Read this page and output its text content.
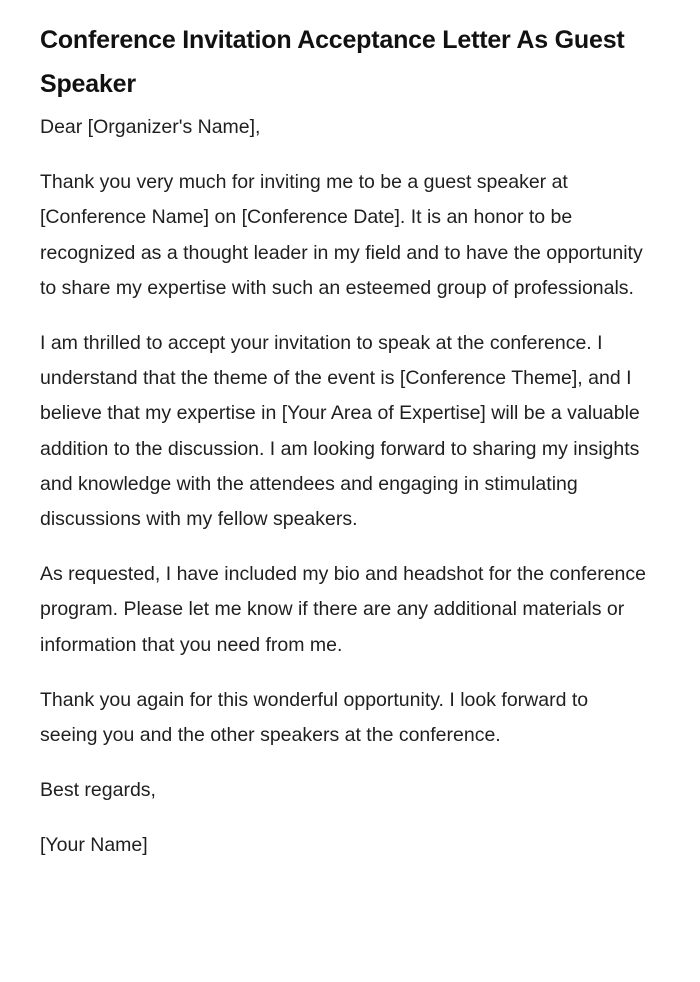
Conference Invitation Acceptance Letter As Guest Speaker

Dear [Organizer's Name],

Thank you very much for inviting me to be a guest speaker at [Conference Name] on [Conference Date]. It is an honor to be recognized as a thought leader in my field and to have the opportunity to share my expertise with such an esteemed group of professionals.

I am thrilled to accept your invitation to speak at the conference. I understand that the theme of the event is [Conference Theme], and I believe that my expertise in [Your Area of Expertise] will be a valuable addition to the discussion. I am looking forward to sharing my insights and knowledge with the attendees and engaging in stimulating discussions with my fellow speakers.

As requested, I have included my bio and headshot for the conference program. Please let me know if there are any additional materials or information that you need from me.

Thank you again for this wonderful opportunity. I look forward to seeing you and the other speakers at the conference.

Best regards,

[Your Name]
